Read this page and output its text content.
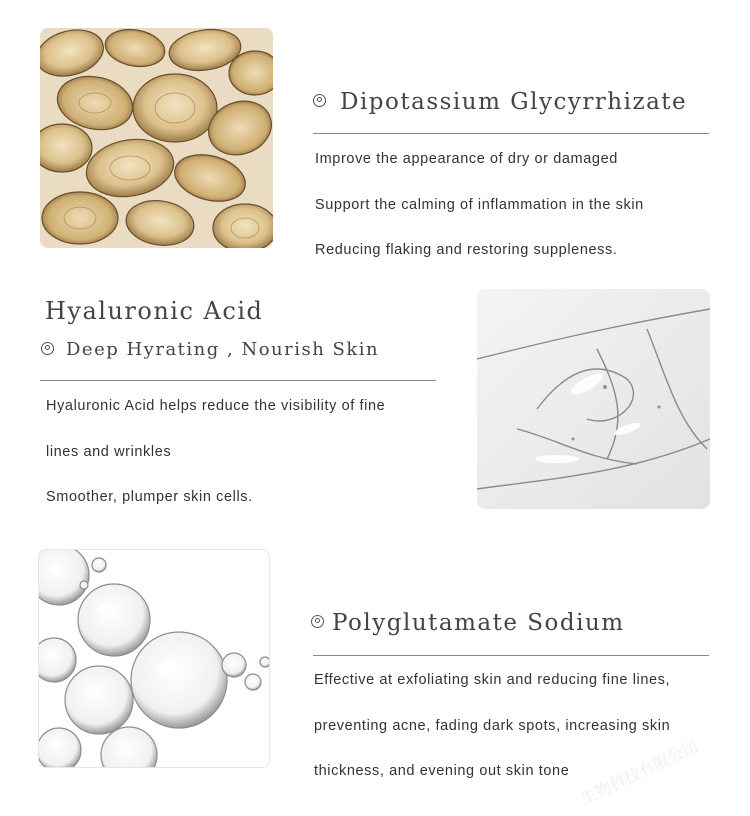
Dipotassium Glycyrrhizate
Improve the appearance of dry or damaged
Support the calming of inflammation in the skin
Reducing flaking and restoring suppleness.
Hyaluronic Acid
Deep Hyrating , Nourish Skin
Hyaluronic Acid helps reduce the visibility of fine
lines and wrinkles
Smoother, plumper skin cells.
Polyglutamate Sodium
Effective at exfoliating skin and reducing fine lines,
preventing acne, fading dark spots, increasing skin
thickness, and evening out skin tone 生物科技有限公司
